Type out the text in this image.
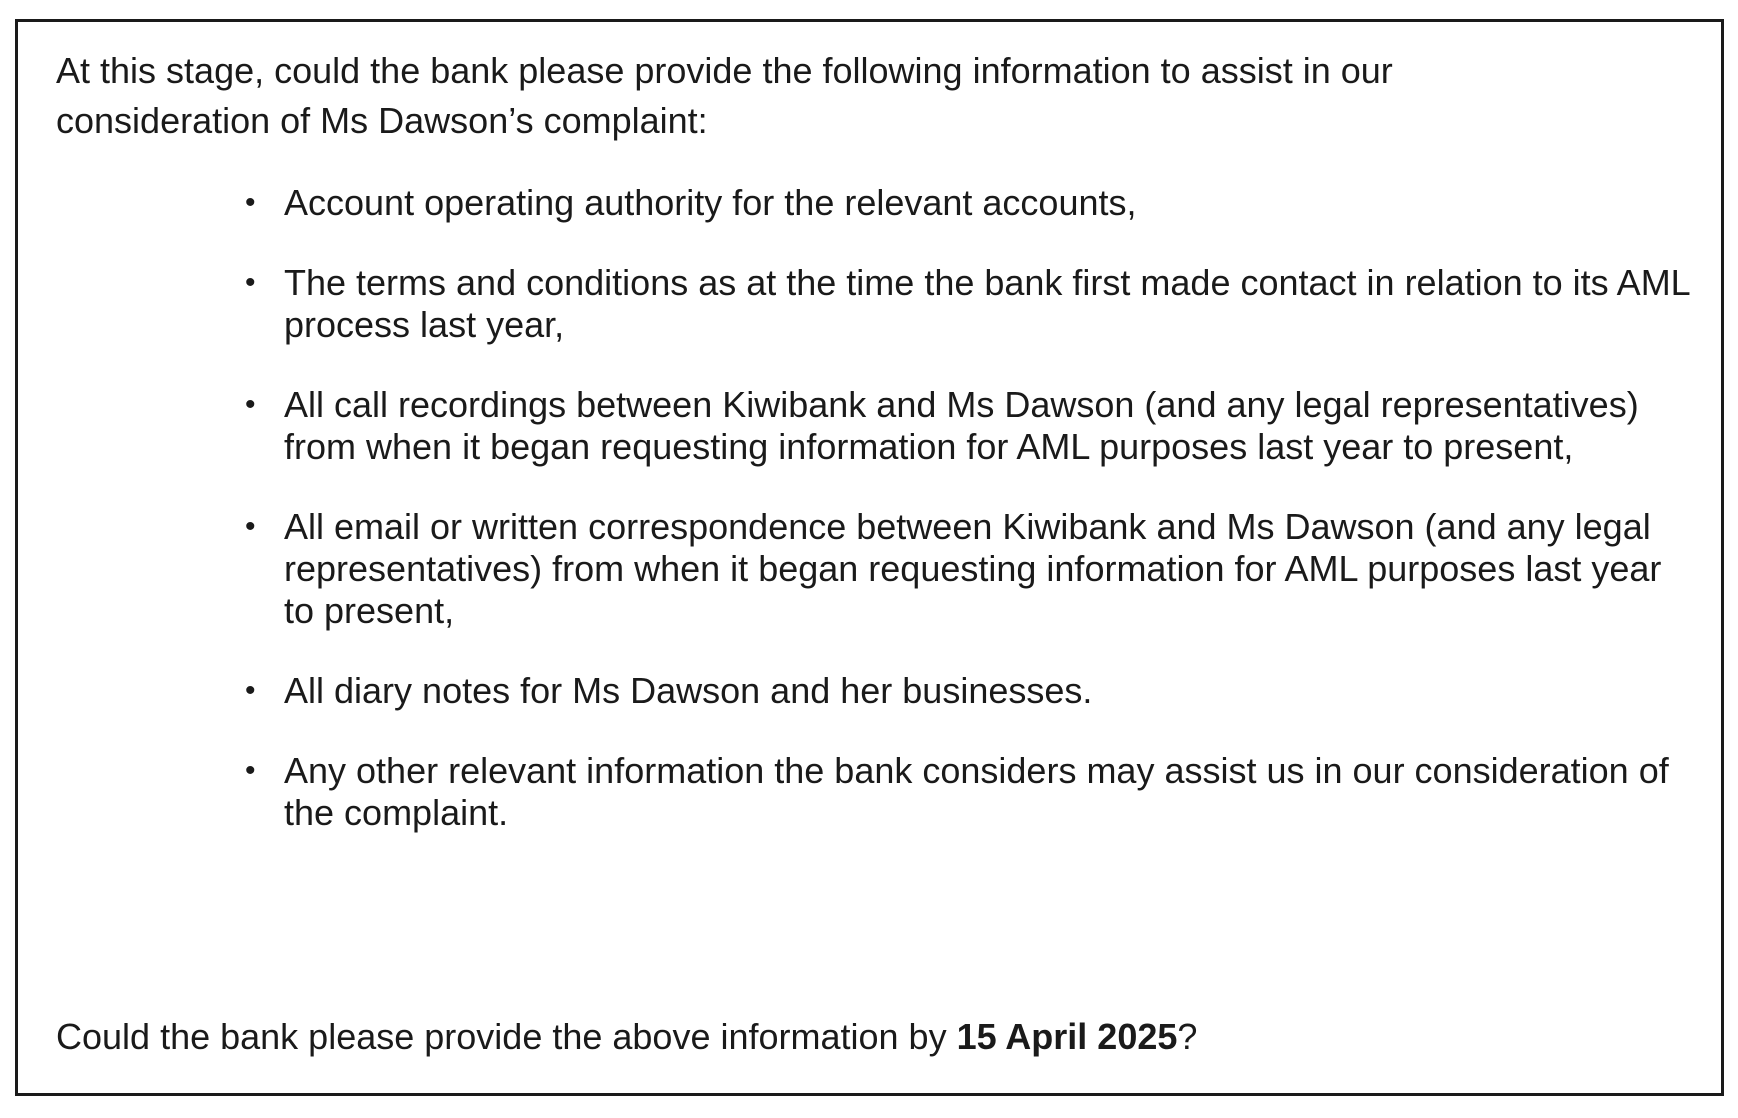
At this stage, could the bank please provide the following information to assist in our consideration of Ms Dawson’s complaint:

• Account operating authority for the relevant accounts,
• The terms and conditions as at the time the bank first made contact in relation to its AML process last year,
• All call recordings between Kiwibank and Ms Dawson (and any legal representatives) from when it began requesting information for AML purposes last year to present,
• All email or written correspondence between Kiwibank and Ms Dawson (and any legal representatives) from when it began requesting information for AML purposes last year to present,
• All diary notes for Ms Dawson and her businesses.
• Any other relevant information the bank considers may assist us in our consideration of the complaint.

Could the bank please provide the above information by 15 April 2025?
